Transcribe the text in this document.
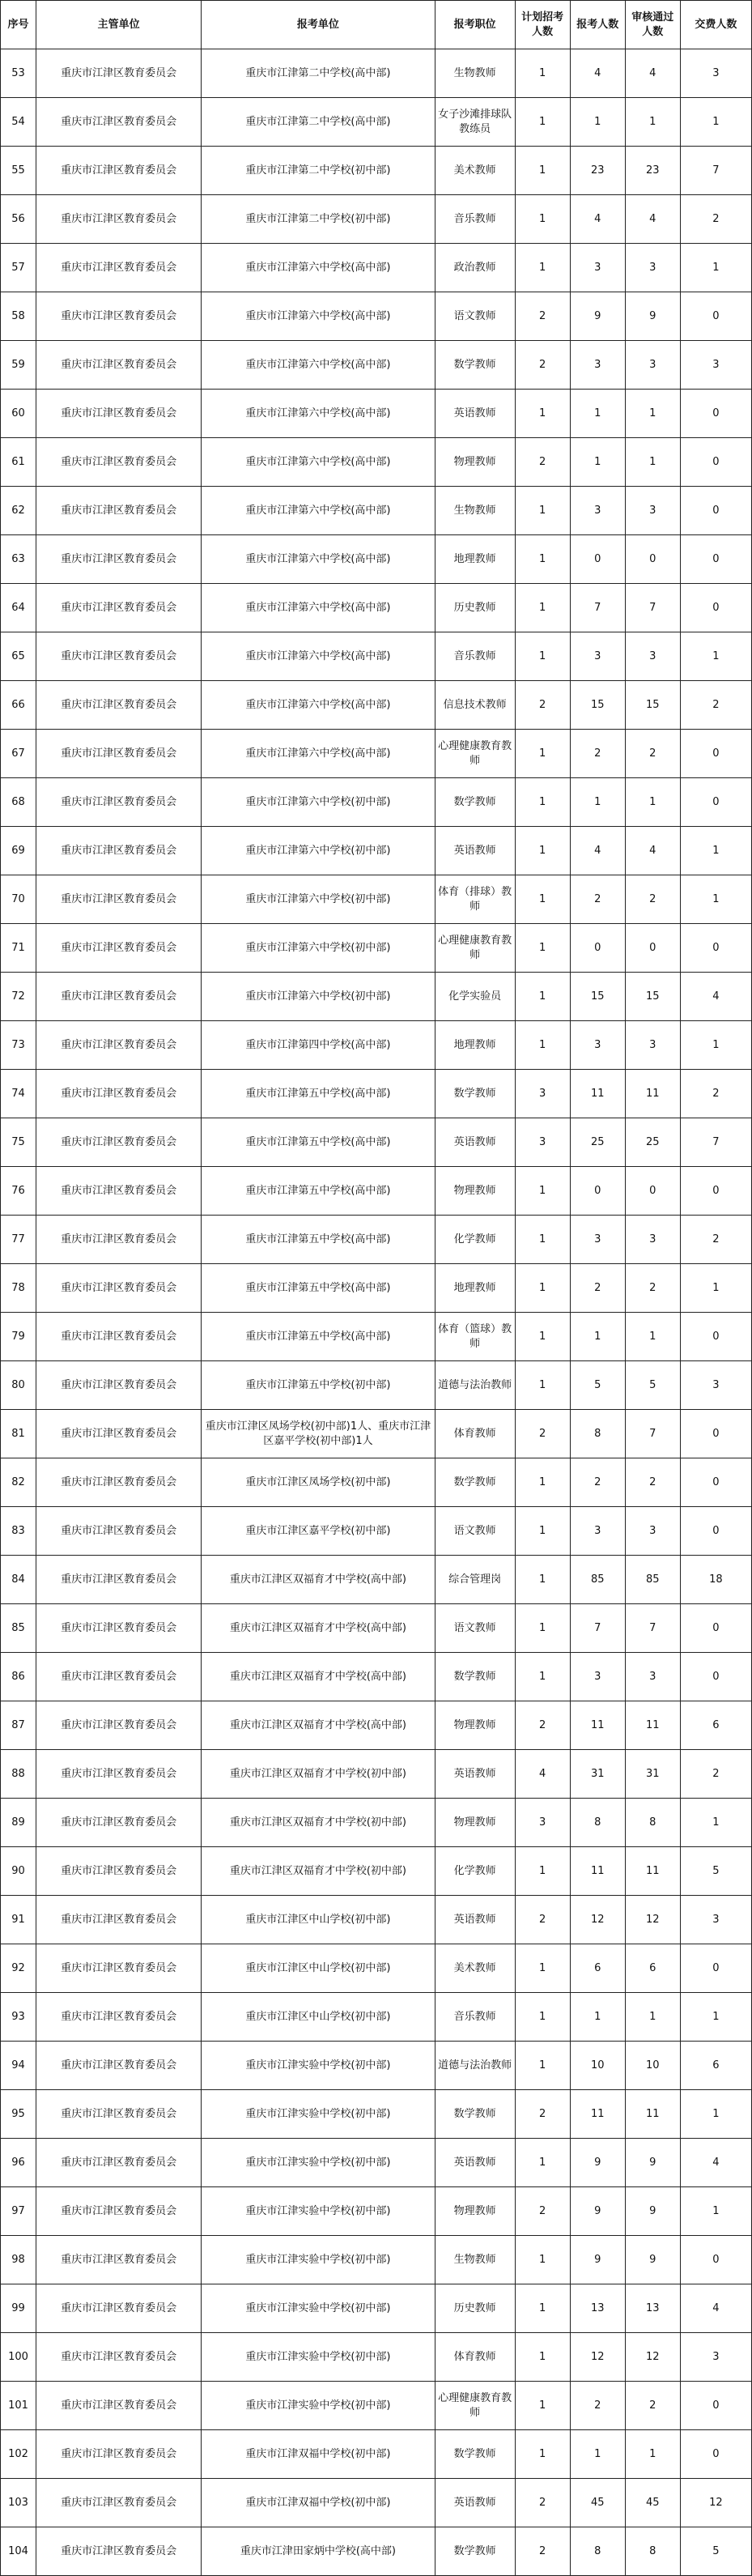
序号	主管单位	报考单位	报考职位	计划招考人数	报考人数	审核通过人数	交费人数
53	重庆市江津区教育委员会	重庆市江津第二中学校(高中部)	生物教师	1	4	4	3
54	重庆市江津区教育委员会	重庆市江津第二中学校(高中部)	女子沙滩排球队教练员	1	1	1	1
55	重庆市江津区教育委员会	重庆市江津第二中学校(初中部)	美术教师	1	23	23	7
56	重庆市江津区教育委员会	重庆市江津第二中学校(初中部)	音乐教师	1	4	4	2
57	重庆市江津区教育委员会	重庆市江津第六中学校(高中部)	政治教师	1	3	3	1
58	重庆市江津区教育委员会	重庆市江津第六中学校(高中部)	语文教师	2	9	9	0
59	重庆市江津区教育委员会	重庆市江津第六中学校(高中部)	数学教师	2	3	3	3
60	重庆市江津区教育委员会	重庆市江津第六中学校(高中部)	英语教师	1	1	1	0
61	重庆市江津区教育委员会	重庆市江津第六中学校(高中部)	物理教师	2	1	1	0
62	重庆市江津区教育委员会	重庆市江津第六中学校(高中部)	生物教师	1	3	3	0
63	重庆市江津区教育委员会	重庆市江津第六中学校(高中部)	地理教师	1	0	0	0
64	重庆市江津区教育委员会	重庆市江津第六中学校(高中部)	历史教师	1	7	7	0
65	重庆市江津区教育委员会	重庆市江津第六中学校(高中部)	音乐教师	1	3	3	1
66	重庆市江津区教育委员会	重庆市江津第六中学校(高中部)	信息技术教师	2	15	15	2
67	重庆市江津区教育委员会	重庆市江津第六中学校(高中部)	心理健康教育教师	1	2	2	0
68	重庆市江津区教育委员会	重庆市江津第六中学校(初中部)	数学教师	1	1	1	0
69	重庆市江津区教育委员会	重庆市江津第六中学校(初中部)	英语教师	1	4	4	1
70	重庆市江津区教育委员会	重庆市江津第六中学校(初中部)	体育（排球）教师	1	2	2	1
71	重庆市江津区教育委员会	重庆市江津第六中学校(初中部)	心理健康教育教师	1	0	0	0
72	重庆市江津区教育委员会	重庆市江津第六中学校(初中部)	化学实验员	1	15	15	4
73	重庆市江津区教育委员会	重庆市江津第四中学校(高中部)	地理教师	1	3	3	1
74	重庆市江津区教育委员会	重庆市江津第五中学校(高中部)	数学教师	3	11	11	2
75	重庆市江津区教育委员会	重庆市江津第五中学校(高中部)	英语教师	3	25	25	7
76	重庆市江津区教育委员会	重庆市江津第五中学校(高中部)	物理教师	1	0	0	0
77	重庆市江津区教育委员会	重庆市江津第五中学校(高中部)	化学教师	1	3	3	2
78	重庆市江津区教育委员会	重庆市江津第五中学校(高中部)	地理教师	1	2	2	1
79	重庆市江津区教育委员会	重庆市江津第五中学校(高中部)	体育（篮球）教师	1	1	1	0
80	重庆市江津区教育委员会	重庆市江津第五中学校(初中部)	道德与法治教师	1	5	5	3
81	重庆市江津区教育委员会	重庆市江津区凤场学校(初中部)1人、重庆市江津区嘉平学校(初中部)1人	体育教师	2	8	7	0
82	重庆市江津区教育委员会	重庆市江津区凤场学校(初中部)	数学教师	1	2	2	0
83	重庆市江津区教育委员会	重庆市江津区嘉平学校(初中部)	语文教师	1	3	3	0
84	重庆市江津区教育委员会	重庆市江津区双福育才中学校(高中部)	综合管理岗	1	85	85	18
85	重庆市江津区教育委员会	重庆市江津区双福育才中学校(高中部)	语文教师	1	7	7	0
86	重庆市江津区教育委员会	重庆市江津区双福育才中学校(高中部)	数学教师	1	3	3	0
87	重庆市江津区教育委员会	重庆市江津区双福育才中学校(高中部)	物理教师	2	11	11	6
88	重庆市江津区教育委员会	重庆市江津区双福育才中学校(初中部)	英语教师	4	31	31	2
89	重庆市江津区教育委员会	重庆市江津区双福育才中学校(初中部)	物理教师	3	8	8	1
90	重庆市江津区教育委员会	重庆市江津区双福育才中学校(初中部)	化学教师	1	11	11	5
91	重庆市江津区教育委员会	重庆市江津区中山学校(初中部)	英语教师	2	12	12	3
92	重庆市江津区教育委员会	重庆市江津区中山学校(初中部)	美术教师	1	6	6	0
93	重庆市江津区教育委员会	重庆市江津区中山学校(初中部)	音乐教师	1	1	1	1
94	重庆市江津区教育委员会	重庆市江津实验中学校(初中部)	道德与法治教师	1	10	10	6
95	重庆市江津区教育委员会	重庆市江津实验中学校(初中部)	数学教师	2	11	11	1
96	重庆市江津区教育委员会	重庆市江津实验中学校(初中部)	英语教师	1	9	9	4
97	重庆市江津区教育委员会	重庆市江津实验中学校(初中部)	物理教师	2	9	9	1
98	重庆市江津区教育委员会	重庆市江津实验中学校(初中部)	生物教师	1	9	9	0
99	重庆市江津区教育委员会	重庆市江津实验中学校(初中部)	历史教师	1	13	13	4
100	重庆市江津区教育委员会	重庆市江津实验中学校(初中部)	体育教师	1	12	12	3
101	重庆市江津区教育委员会	重庆市江津实验中学校(初中部)	心理健康教育教师	1	2	2	0
102	重庆市江津区教育委员会	重庆市江津双福中学校(初中部)	数学教师	1	1	1	0
103	重庆市江津区教育委员会	重庆市江津双福中学校(初中部)	英语教师	2	45	45	12
104	重庆市江津区教育委员会	重庆市江津田家炳中学校(高中部)	数学教师	2	8	8	5
